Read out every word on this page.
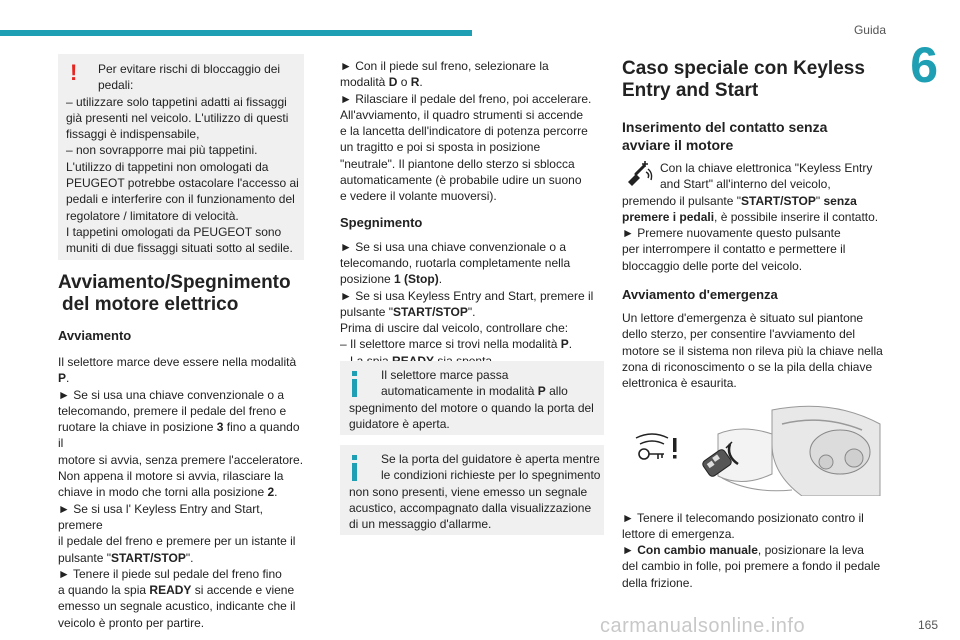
Guida
6
!	Per evitare rischi di bloccaggio dei

pedali:

– utilizzare solo tappetini adatti ai fissaggi

già presenti nel veicolo. L'utilizzo di questi

fissaggi è indispensabile,

– non sovrapporre mai più tappetini.

L'utilizzo di tappetini non omologati da

PEUGEOT potrebbe ostacolare l'accesso ai

pedali e interferire con il funzionamento del

regolatore / limitatore di velocità.

I tappetini omologati da PEUGEOT sono

muniti di due fissaggi situati sotto al sedile.

Avviamento/Spegnimento
del motore elettrico
Avviamento

Il selettore marce deve essere nella modalità P.

► Se si usa una chiave convenzionale o a

telecomando, premere il pedale del freno e

ruotare la chiave in posizione 3 fino a quando il

motore si avvia, senza premere l'acceleratore.

Non appena il motore si avvia, rilasciare la

chiave in modo che torni alla posizione 2.

► Se si usa l' Keyless Entry and Start, premere

il pedale del freno e premere per un istante il

pulsante "START/STOP".

► Tenere il piede sul pedale del freno fino

a quando la spia READY si accende e viene

emesso un segnale acustico, indicante che il

veicolo è pronto per partire.

► Con il piede sul freno, selezionare la

modalità D o R.

► Rilasciare il pedale del freno, poi accelerare.

All'avviamento, il quadro strumenti si accende

e la lancetta dell'indicatore di potenza percorre

un tragitto e poi si sposta in posizione

"neutrale". Il piantone dello sterzo si sblocca

automaticamente (è probabile udire un suono

e vedere il volante muoversi).

Spegnimento

► Se si usa una chiave convenzionale o a

telecomando, ruotarla completamente nella

posizione 1 (Stop).

► Se si usa Keyless Entry and Start, premere il

pulsante "START/STOP".

Prima di uscire dal veicolo, controllare che:

– Il selettore marce si trovi nella modalità P.

Il selettore marce passa

automaticamente in modalità P allo

spegnimento del motore o quando la porta del

guidatore è aperta.

Se la porta del guidatore è aperta mentre

le condizioni richieste per lo spegnimento

non sono presenti, viene emesso un segnale

acustico, accompagnato dalla visualizzazione

di un messaggio d'allarme.

Caso speciale con Keyless
Entry and Start
Inserimento del contatto senza
avviare il motore

Con la chiave elettronica "Keyless Entry

and Start" all'interno del veicolo,

premendo il pulsante "START/STOP" senza

premere i pedali, è possibile inserire il contatto.

► Premere nuovamente questo pulsante

per interrompere il contatto e permettere il

bloccaggio delle porte del veicolo.

Avviamento d'emergenza

Un lettore d'emergenza è situato sul piantone

dello sterzo, per consentire l'avviamento del

motore se il sistema non rileva più la chiave nella

zona di riconoscimento o se la pila della chiave

elettronica è esaurita.

► Tenere il telecomando posizionato contro il

lettore di emergenza.

► Con cambio manuale, posizionare la leva

del cambio in folle, poi premere a fondo il pedale

della frizione.

carmanualsonline.info	165
